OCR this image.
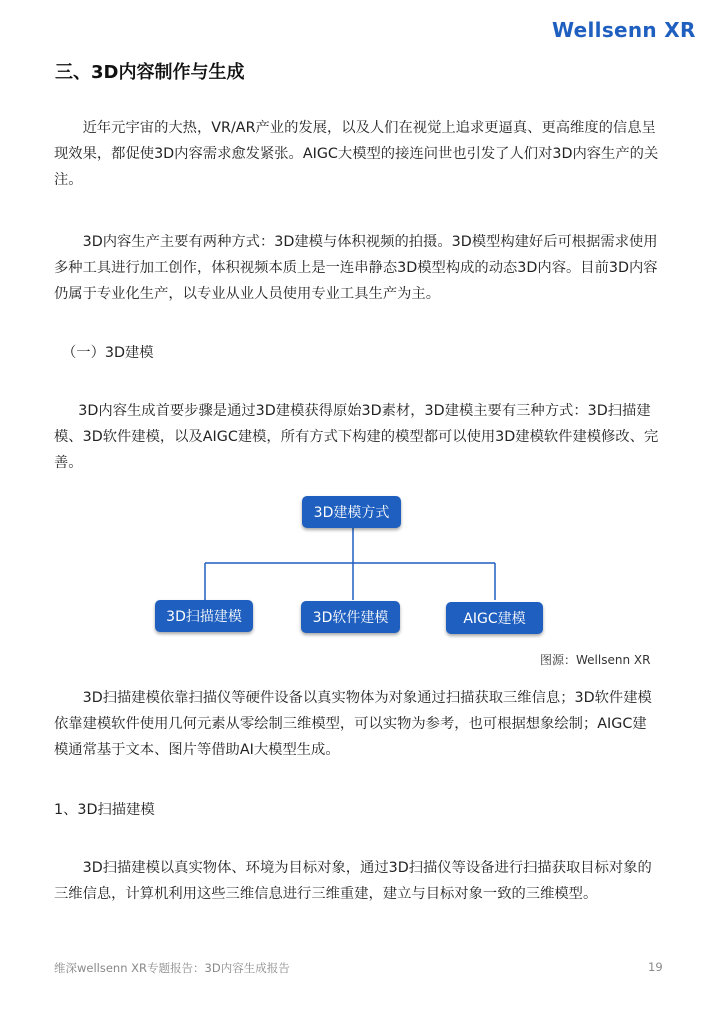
Wellsenn XR
三、3D内容制作与生成

近年元宇宙的大热，VR/AR产业的发展，以及人们在视觉上追求更逼真、更高维度的信息呈现效果，都促使3D内容需求愈发紧张。AIGC大模型的接连问世也引发了人们对3D内容生产的关注。

3D内容生产主要有两种方式：3D建模与体积视频的拍摄。3D模型构建好后可根据需求使用多种工具进行加工创作，体积视频本质上是一连串静态3D模型构成的动态3D内容。目前3D内容仍属于专业化生产，以专业从业人员使用专业工具生产为主。

（一）3D建模

3D内容生成首要步骤是通过3D建模获得原始3D素材，3D建模主要有三种方式：3D扫描建模、3D软件建模，以及AIGC建模，所有方式下构建的模型都可以使用3D建模软件建模修改、完善。

3D建模方式
3D扫描建模	3D软件建模	AIGC建模
图源：Wellsenn XR

3D扫描建模依靠扫描仪等硬件设备以真实物体为对象通过扫描获取三维信息；3D软件建模依靠建模软件使用几何元素从零绘制三维模型，可以实物为参考，也可根据想象绘制；AIGC建模通常基于文本、图片等借助AI大模型生成。

1、3D扫描建模

3D扫描建模以真实物体、环境为目标对象，通过3D扫描仪等设备进行扫描获取目标对象的三维信息，计算机利用这些三维信息进行三维重建，建立与目标对象一致的三维模型。

维深wellsenn XR专题报告：3D内容生成报告	19
